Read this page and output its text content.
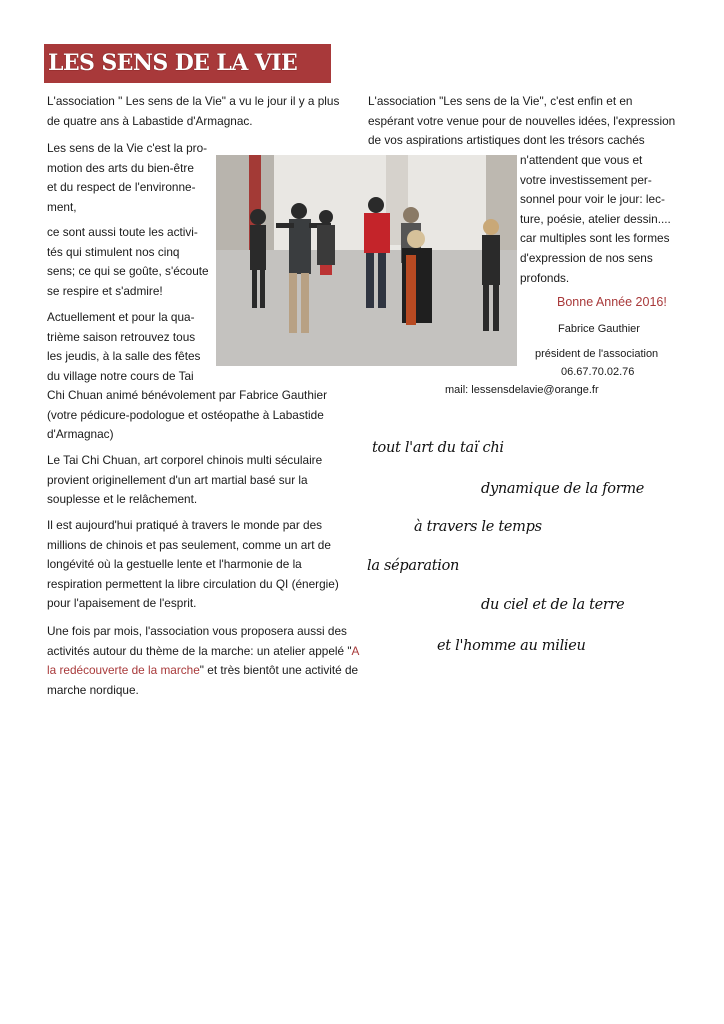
LES SENS DE LA VIE

L'association " Les sens de la Vie" a vu le jour il y a plus de quatre ans à Labastide d'Armagnac.

Les sens de la Vie c'est la pro-
motion des arts du bien-être
et du respect de l'environne-
ment,

ce sont aussi toute les activi-
tés qui stimulent nos cinq
sens; ce qui se goûte, s'écoute
se respire et s'admire!

Actuellement et pour la qua-
trième saison retrouvez tous
les jeudis, à la salle des fêtes
du village notre cours de Tai

Chi Chuan animé bénévolement par Fabrice Gauthier (votre pédicure-podologue et ostéopathe à Labastide d'Armagnac)

Le Tai Chi Chuan, art corporel chinois multi séculaire provient originellement d'un art martial basé sur la souplesse et le relâchement.

Il est aujourd'hui pratiqué à travers le monde par des millions de chinois et pas seulement, comme un art de longévité où la gestuelle lente et l'harmonie de la respiration permettent la libre circulation du QI (énergie) pour l'apaisement de l'esprit.

Une fois par mois, l'association vous proposera aussi des activités autour du thème de la marche: un atelier appelé "A la redécouverte de la marche" et très bientôt une activité de marche nordique.

L'association "Les sens de la Vie", c'est enfin et en espérant votre venue pour de nouvelles idées, l'expression de vos aspirations artistiques dont les trésors cachés

n'attendent que vous et
votre investissement per-
sonnel pour voir le jour: lec-
ture, poésie, atelier dessin....
car multiples sont les formes
d'expression de nos sens
profonds.

Bonne Année 2016!
Fabrice Gauthier
président de l'association
06.67.70.02.76
mail: lessensdelavie@orange.fr
tout l'art du taï chi
dynamique de la forme
à travers le temps
la séparation
du ciel et de la terre
et l'homme au milieu
